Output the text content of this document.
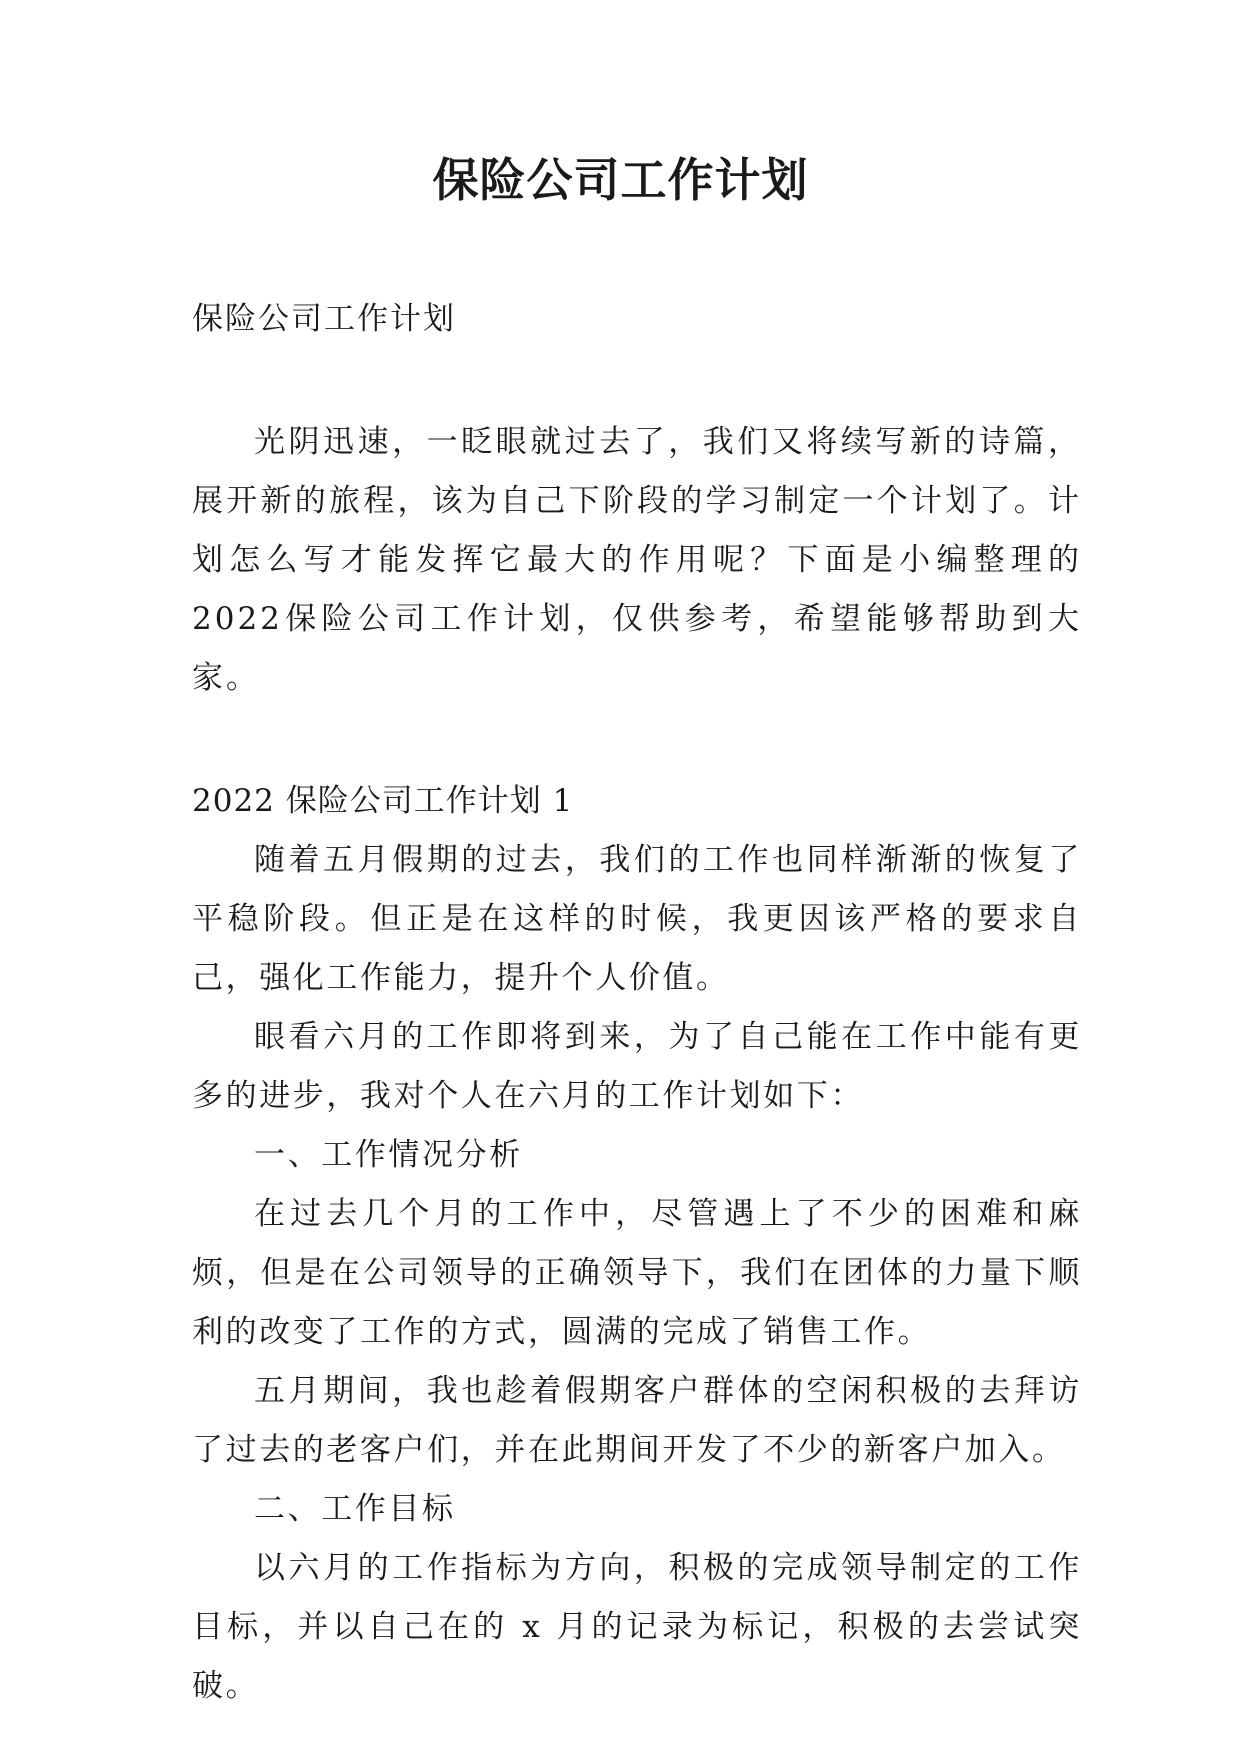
保险公司工作计划

保险公司工作计划

光阴迅速，一眨眼就过去了，我们又将续写新的诗篇，展开新的旅程，该为自己下阶段的学习制定一个计划了。计划怎么写才能发挥它最大的作用呢？下面是小编整理的2022保险公司工作计划，仅供参考，希望能够帮助到大家。

2022 保险公司工作计划 1

随着五月假期的过去，我们的工作也同样渐渐的恢复了平稳阶段。但正是在这样的时候，我更因该严格的要求自己，强化工作能力，提升个人价值。

眼看六月的工作即将到来，为了自己能在工作中能有更多的进步，我对个人在六月的工作计划如下：

一、工作情况分析

在过去几个月的工作中，尽管遇上了不少的困难和麻烦，但是在公司领导的正确领导下，我们在团体的力量下顺利的改变了工作的方式，圆满的完成了销售工作。

五月期间，我也趁着假期客户群体的空闲积极的去拜访了过去的老客户们，并在此期间开发了不少的新客户加入。

二、工作目标

以六月的工作指标为方向，积极的完成领导制定的工作目标，并以自己在的 x 月的记录为标记，积极的去尝试突破。
